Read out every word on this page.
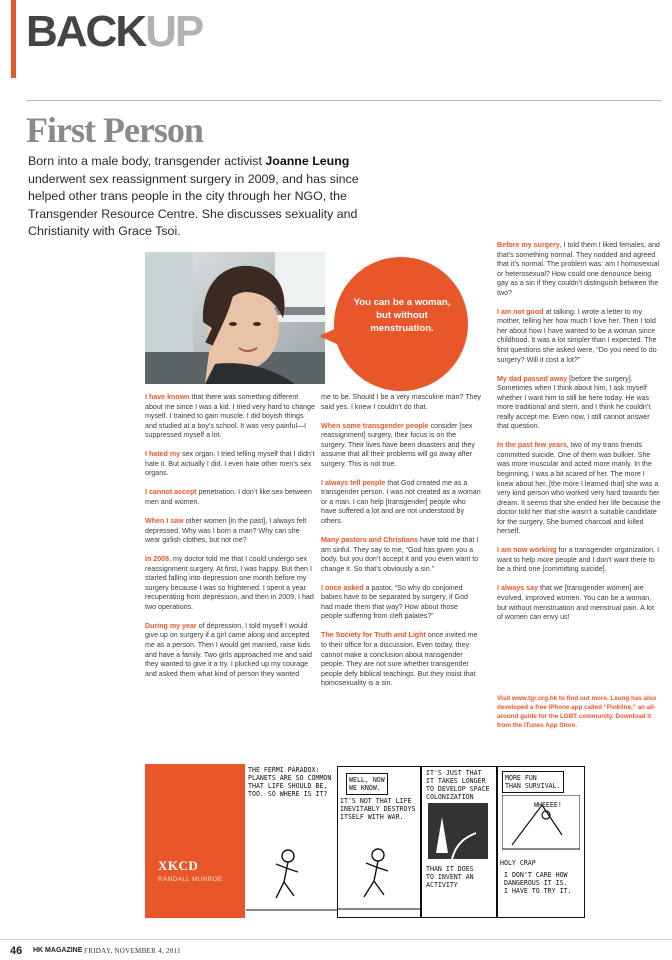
BACKUP
First Person
Born into a male body, transgender activist Joanne Leung underwent sex reassignment surgery in 2009, and has since helped other trans people in the city through her NGO, the Transgender Resource Centre. She discusses sexuality and Christianity with Grace Tsoi.
You can be a woman, but without menstruation.

I have known that there was something different about me since I was a kid. I tried very hard to change myself. I trained to gain muscle. I did boyish things and studied at a boy’s school. It was very painful—I suppressed myself a lot.

I hated my sex organ. I tried telling myself that I didn’t hate it. But actually I did. I even hate other men’s sex organs.

I cannot accept penetration. I don’t like sex between men and women.

When I saw other women [in the past], I always felt depressed. Why was I born a man? Why can she wear girlish clothes, but not me?

In 2008, my doctor told me that I could undergo sex reassignment surgery. At first, I was happy. But then I started falling into depression one month before my surgery because I was so frightened. I spent a year recuperating from depression, and then in 2009, I had two operations.

During my year of depression, I told myself I would give up on surgery if a girl came along and accepted me as a person. Then I would get married, raise kids and have a family. Two girls approached me and said they wanted to give it a try. I plucked up my courage and asked them what kind of person they wanted

me to be. Should I be a very masculine man? They said yes. I knew I couldn’t do that.

When some transgender people consider [sex reassignment] surgery, their focus is on the surgery. Their lives have been disasters and they assume that all their problems will go away after surgery. This is not true.

I always tell people that God created me as a transgender person. I was not created as a woman or a man. I can help [transgender] people who have suffered a lot and are not understood by others.

Many pastors and Christians have told me that I am sinful. They say to me, “God has given you a body, but you don’t accept it and you even want to change it. So that’s obviously a sin.”

I once asked a pastor, “So why do conjoined babies have to be separated by surgery, if God had made them that way? How about those people suffering from cleft palates?”

The Society for Truth and Light once invited me to their office for a discussion. Even today, they cannot make a conclusion about transgender people. They are not sure whether transgender people defy biblical teachings. But they insist that homosexuality is a sin.

Before my surgery, I told them I liked females, and that’s something normal. They nodded and agreed that it’s normal. The problem was: am I homosexual or heterosexual? How could one denounce being gay as a sin if they couldn’t distinguish between the two?

I am not good at talking. I wrote a letter to my mother, telling her how much I love her. Then I told her about how I have wanted to be a woman since childhood. It was a lot simpler than I expected. The first questions she asked were, “Do you need to do surgery? Will it cost a lot?”

My dad passed away [before the surgery]. Sometimes when I think about him, I ask myself whether I want him to still be here today. He was more traditional and stern, and I think he couldn’t really accept me. Even now, I still cannot answer that question.

In the past few years, two of my trans friends committed suicide. One of them was bulkier. She was more muscular and acted more manly. In the beginning, I was a bit scared of her. The more I knew about her, [the more I learned that] she was a very kind person who worked very hard towards her dream. It seems that she ended her life because the doctor told her that she wasn’t a suitable candidate for the surgery. She burned charcoal and killed herself.

I am now working for a transgender organization. I want to help more people and I don’t want there to be a third one [committing suicide].

I always say that we [transgender women] are evolved, improved women. You can be a woman, but without menstruation and menstrual pain. A lot of women can envy us!

Visit www.tgr.org.hk to find out more. Leung has also developed a free iPhone app called “Pinkline,” an all-around guide for the LGBT community. Download it from the iTunes App Store.

XKCD
RANDALL MUNROE
THE FERMI PARADOX:
PLANETS ARE SO COMMON
THAT LIFE SHOULD BE,
TOO. SO WHERE IS IT?
WELL, NOW
WE KNOW.
IT'S NOT THAT LIFE
INEVITABLY DESTROYS
ITSELF WITH WAR.
IT'S JUST THAT
IT TAKES LONGER
TO DEVELOP SPACE
COLONIZATION
THAN IT DOES
TO INVENT AN
ACTIVITY
MORE FUN
THAN SURVIVAL.
WHEEEE!
HOLY CRAP
I DON'T CARE HOW
DANGEROUS IT IS.
I HAVE TO TRY IT.
46 HK MAGAZINE FRIDAY, NOVEMBER 4, 2011
